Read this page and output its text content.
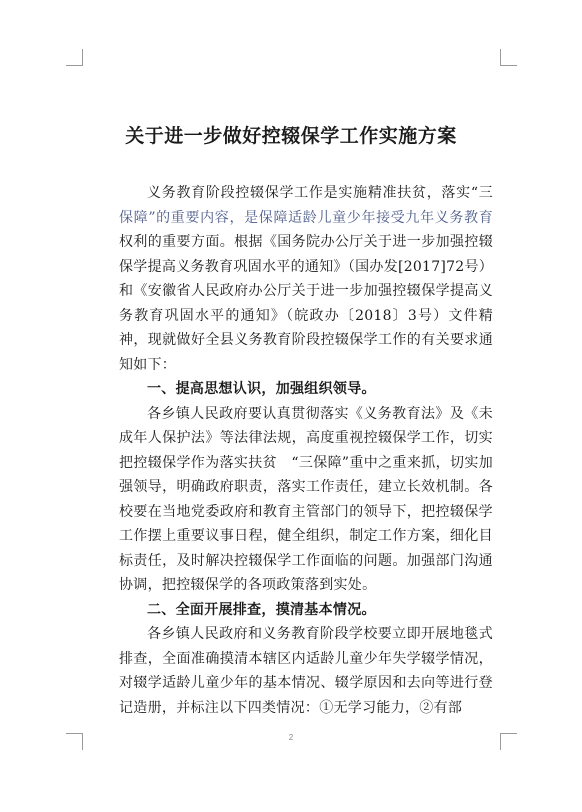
关于进一步做好控辍保学工作实施方案

义务教育阶段控辍保学工作是实施精准扶贫，落实“三保障”的重要内容，是保障适龄儿童少年接受九年义务教育权利的重要方面。根据《国务院办公厅关于进一步加强控辍保学提高义务教育巩固水平的通知》（国办发[2017]72号）和《安徽省人民政府办公厅关于进一步加强控辍保学提高义务教育巩固水平的通知》（皖政办〔2018〕3号）文件精神，现就做好全县义务教育阶段控辍保学工作的有关要求通知如下：

一、提高思想认识，加强组织领导。

各乡镇人民政府要认真贯彻落实《义务教育法》及《未成年人保护法》等法律法规，高度重视控辍保学工作，切实把控辍保学作为落实扶贫　“三保障”重中之重来抓，切实加强领导，明确政府职责，落实工作责任，建立长效机制。各校要在当地党委政府和教育主管部门的领导下，把控辍保学工作摆上重要议事日程，健全组织，制定工作方案，细化目标责任，及时解决控辍保学工作面临的问题。加强部门沟通协调，把控辍保学的各项政策落到实处。

二、全面开展排查，摸清基本情况。

各乡镇人民政府和义务教育阶段学校要立即开展地毯式排查，全面准确摸清本辖区内适龄儿童少年失学辍学情况，对辍学适龄儿童少年的基本情况、辍学原因和去向等进行登记造册，并标注以下四类情况：①无学习能力，②有部

2
